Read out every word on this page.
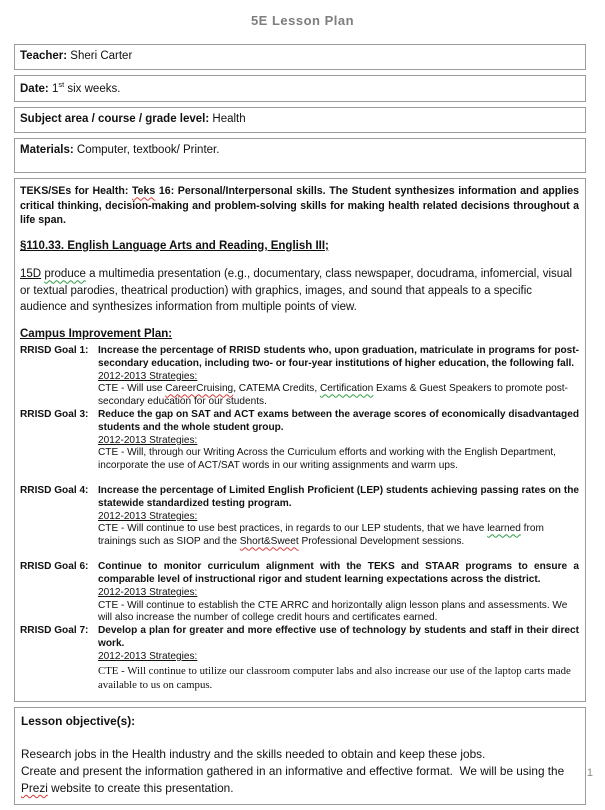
5E Lesson Plan
Teacher: Sheri Carter
Date: 1st six weeks.
Subject area / course / grade level: Health
Materials: Computer, textbook/ Printer.

TEKS/SEs for Health: Teks 16: Personal/Interpersonal skills. The Student synthesizes information and applies critical thinking, decision-making and problem-solving skills for making health related decisions throughout a life span.

§110.33. English Language Arts and Reading, English III;

15D produce a multimedia presentation (e.g., documentary, class newspaper, docudrama, infomercial, visual or textual parodies, theatrical production) with graphics, images, and sound that appeals to a specific audience and synthesizes information from multiple points of view.

Campus Improvement Plan:

RRISD Goal 1: Increase the percentage of RRISD students who, upon graduation, matriculate in programs for post-secondary education, including two- or four-year institutions of higher education, the following fall.
2012-2013 Strategies:
CTE - Will use CareerCruising, CATEMA Credits, Certification Exams & Guest Speakers to promote post-secondary education for our students.
RRISD Goal 3: Reduce the gap on SAT and ACT exams between the average scores of economically disadvantaged students and the whole student group.
2012-2013 Strategies:
CTE - Will, through our Writing Across the Curriculum efforts and working with the English Department, incorporate the use of ACT/SAT words in our writing assignments and warm ups.
RRISD Goal 4: Increase the percentage of Limited English Proficient (LEP) students achieving passing rates on the statewide standardized testing program.
2012-2013 Strategies:
CTE - Will continue to use best practices, in regards to our LEP students, that we have learned from trainings such as SIOP and the Short&Sweet Professional Development sessions.
RRISD Goal 6: Continue to monitor curriculum alignment with the TEKS and STAAR programs to ensure a comparable level of instructional rigor and student learning expectations across the district.
2012-2013 Strategies:
CTE - Will continue to establish the CTE ARRC and horizontally align lesson plans and assessments. We will also increase the number of college credit hours and certificates earned.
RRISD Goal 7: Develop a plan for greater and more effective use of technology by students and staff in their direct work.
2012-2013 Strategies:
CTE - Will continue to utilize our classroom computer labs and also increase our use of the laptop carts made available to us on campus.

Lesson objective(s):

Research jobs in the Health industry and the skills needed to obtain and keep these jobs.

Create and present the information gathered in an informative and effective format.  We will be using the Prezi website to create this presentation.

1
